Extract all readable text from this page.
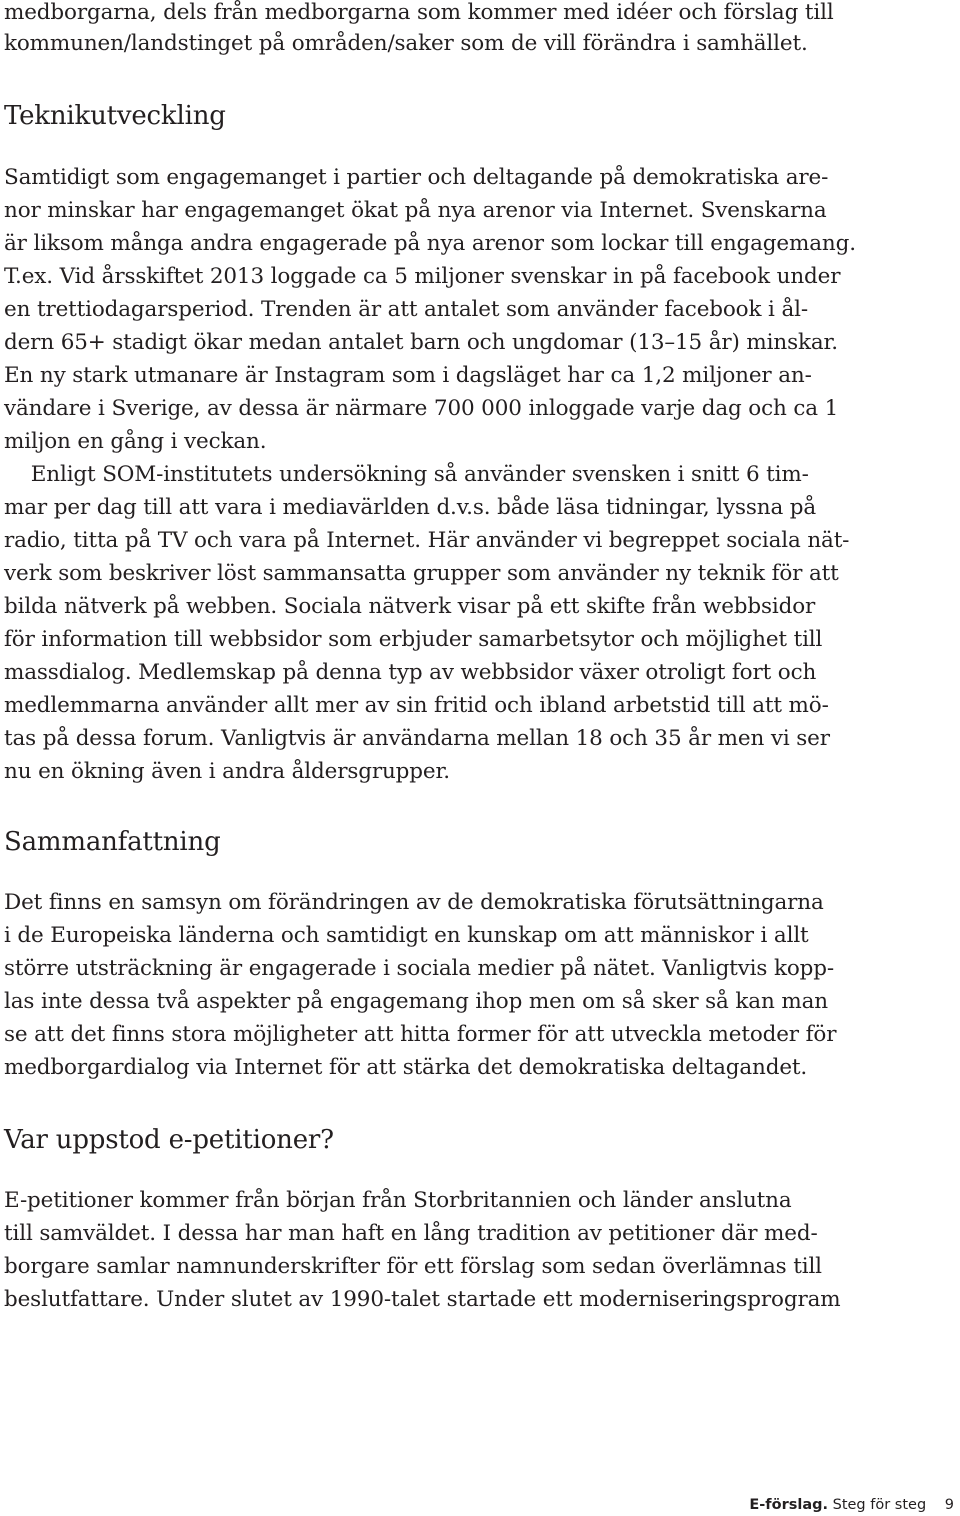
medborgarna, dels från medborgarna som kommer med idéer och förslag till
kommunen/landstinget på områden/saker som de vill förändra i samhället.
Teknikutveckling
Samtidigt som engagemanget i partier och deltagande på demokratiska are-
nor minskar har engagemanget ökat på nya arenor via Internet. Svenskarna
är liksom många andra engagerade på nya arenor som lockar till engagemang.
T.ex. Vid årsskiftet 2013 loggade ca 5 miljoner svenskar in på facebook under
en trettiodagarsperiod. Trenden är att antalet som använder facebook i ål-
dern 65+ stadigt ökar medan antalet barn och ungdomar (13–15 år) minskar.
En ny stark utmanare är Instagram som i dagsläget har ca 1,2 miljoner an-
vändare i Sverige, av dessa är närmare 700 000 inloggade varje dag och ca 1
miljon en gång i veckan.
Enligt SOM-institutets undersökning så använder svensken i snitt 6 tim-
mar per dag till att vara i mediavärlden d.v.s. både läsa tidningar, lyssna på
radio, titta på TV och vara på Internet. Här använder vi begreppet sociala nät-
verk som beskriver löst sammansatta grupper som använder ny teknik för att
bilda nätverk på webben. Sociala nätverk visar på ett skifte från webbsidor
för information till webbsidor som erbjuder samarbetsytor och möjlighet till
massdialog. Medlemskap på denna typ av webbsidor växer otroligt fort och
medlemmarna använder allt mer av sin fritid och ibland arbetstid till att mö-
tas på dessa forum. Vanligtvis är användarna mellan 18 och 35 år men vi ser
nu en ökning även i andra åldersgrupper.
Sammanfattning
Det finns en samsyn om förändringen av de demokratiska förutsättningarna
i de Europeiska länderna och samtidigt en kunskap om att människor i allt
större utsträckning är engagerade i sociala medier på nätet. Vanligtvis kopp-
las inte dessa två aspekter på engagemang ihop men om så sker så kan man
se att det finns stora möjligheter att hitta former för att utveckla metoder för
medborgardialog via Internet för att stärka det demokratiska deltagandet.
Var uppstod e-petitioner?
E-petitioner kommer från början från Storbritannien och länder anslutna
till samväldet. I dessa har man haft en lång tradition av petitioner där med-
borgare samlar namnunderskrifter för ett förslag som sedan överlämnas till
beslutfattare. Under slutet av 1990-talet startade ett moderniseringsprogram
E-förslag. Steg för steg 9
